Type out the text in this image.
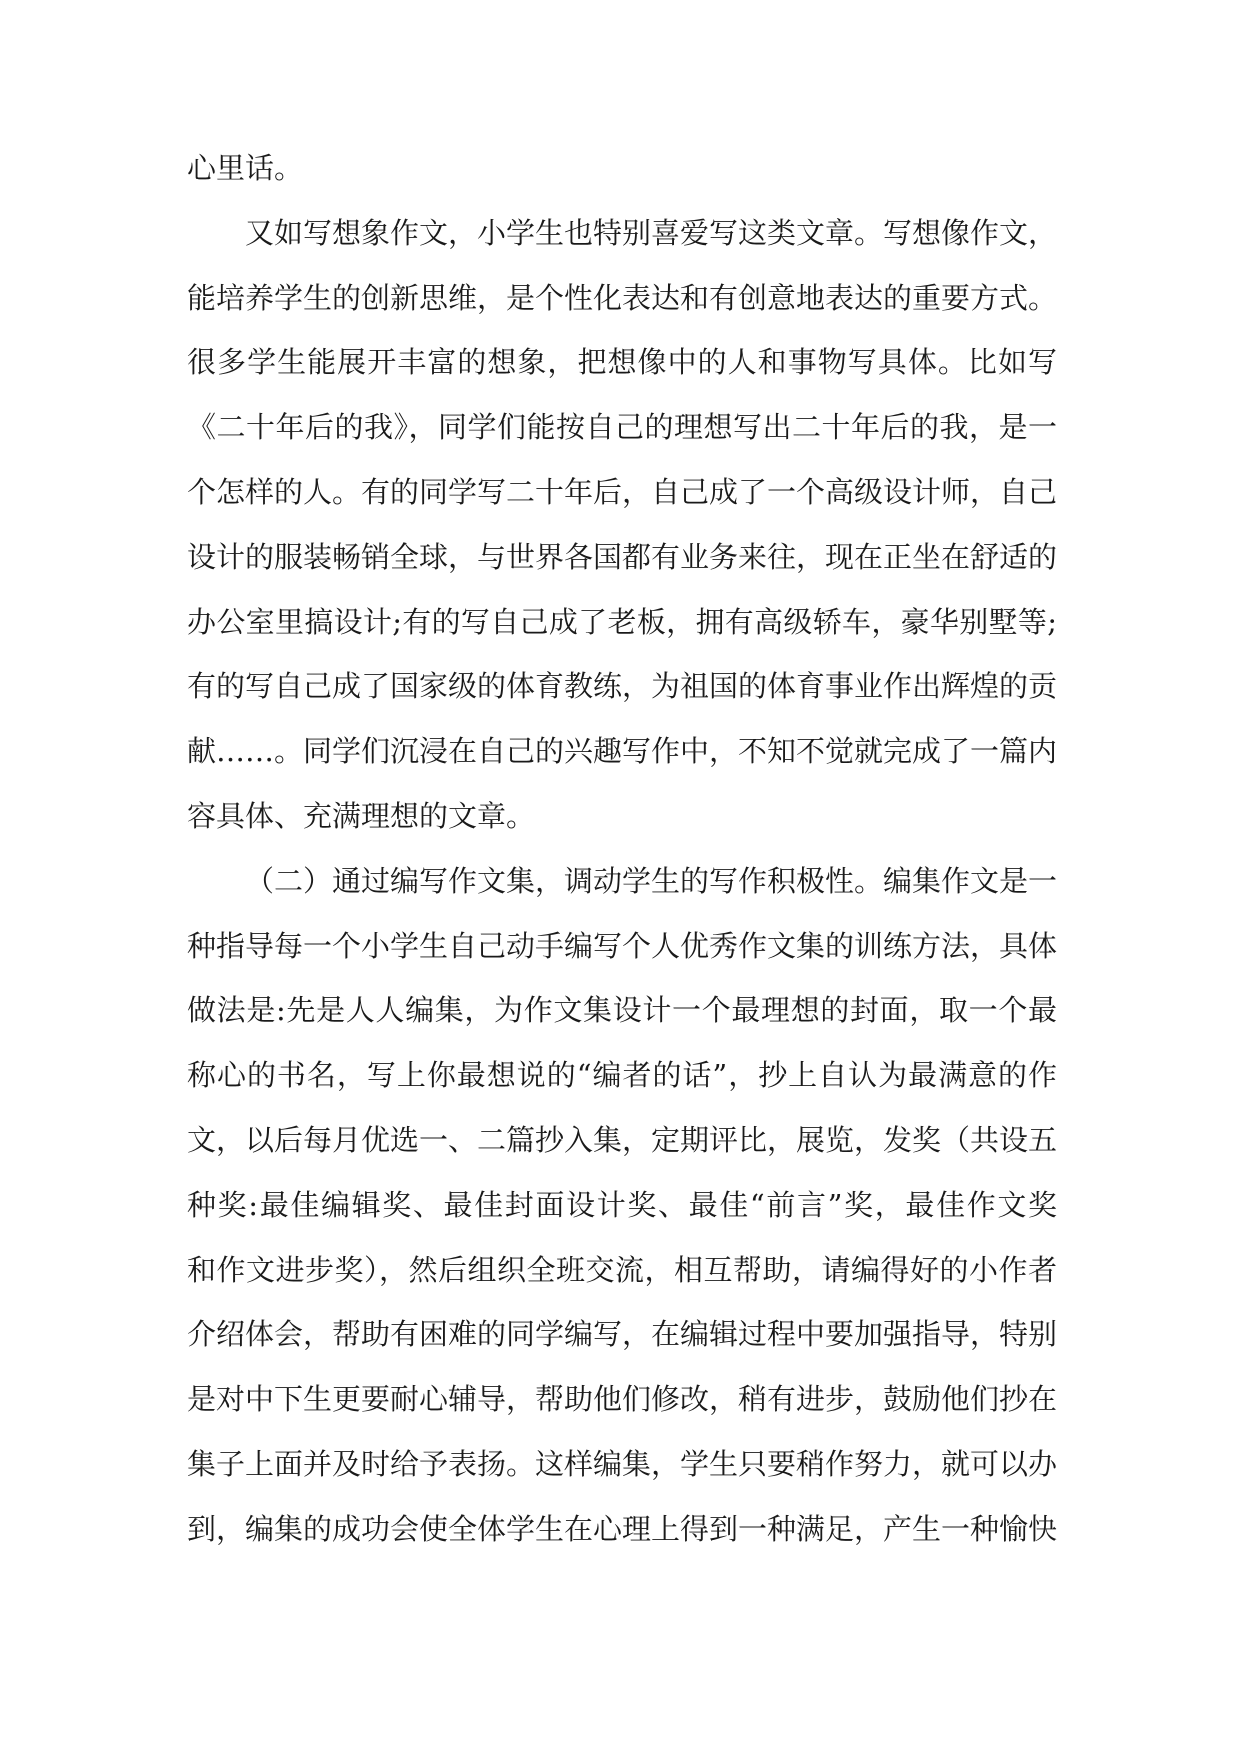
心里话。
又如写想象作文，小学生也特别喜爱写这类文章。写想像作文，
能培养学生的创新思维，是个性化表达和有创意地表达的重要方式。
很多学生能展开丰富的想象，把想像中的人和事物写具体。比如写
《二十年后的我》，同学们能按自己的理想写出二十年后的我，是一
个怎样的人。有的同学写二十年后，自己成了一个高级设计师，自己
设计的服装畅销全球，与世界各国都有业务来往，现在正坐在舒适的
办公室里搞设计;有的写自己成了老板，拥有高级轿车，豪华别墅等;
有的写自己成了国家级的体育教练，为祖国的体育事业作出辉煌的贡
献……。同学们沉浸在自己的兴趣写作中，不知不觉就完成了一篇内
容具体、充满理想的文章。
（二）通过编写作文集，调动学生的写作积极性。编集作文是一
种指导每一个小学生自己动手编写个人优秀作文集的训练方法，具体
做法是:先是人人编集，为作文集设计一个最理想的封面，取一个最
称心的书名，写上你最想说的“编者的话”，抄上自认为最满意的作
文，以后每月优选一、二篇抄入集，定期评比，展览，发奖（共设五
种奖:最佳编辑奖、最佳封面设计奖、最佳“前言”奖，最佳作文奖
和作文进步奖），然后组织全班交流，相互帮助，请编得好的小作者
介绍体会，帮助有困难的同学编写，在编辑过程中要加强指导，特别
是对中下生更要耐心辅导，帮助他们修改，稍有进步，鼓励他们抄在
集子上面并及时给予表扬。这样编集，学生只要稍作努力，就可以办
到，编集的成功会使全体学生在心理上得到一种满足，产生一种愉快
